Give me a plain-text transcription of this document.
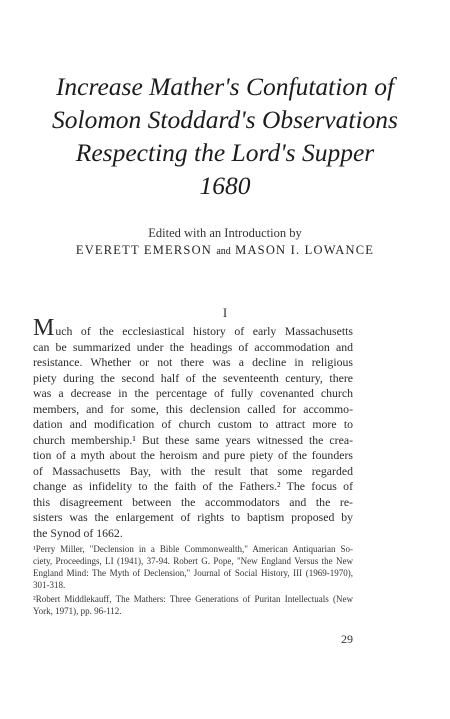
Increase Mather's Confutation of
Solomon Stoddard's Observations
Respecting the Lord's Supper
1680
Edited with an Introduction by
EVERETT EMERSON and MASON I. LOWANCE
I
Much of the ecclesiastical history of early Massachusetts
can be summarized under the headings of accommodation and
resistance. Whether or not there was a decline in religious
piety during the second half of the seventeenth century, there
was a decrease in the percentage of fully covenanted church
members, and for some, this declension called for accommo-
dation and modification of church custom to attract more to
church membership.¹ But these same years witnessed the crea-
tion of a myth about the heroism and pure piety of the founders
of Massachusetts Bay, with the result that some regarded
change as infidelity to the faith of the Fathers.² The focus of
this disagreement between the accommodators and the re-
sisters was the enlargement of rights to baptism proposed by
the Synod of 1662.
¹Perry Miller, "Declension in a Bible Commonwealth," American Antiquarian So-
ciety, Proceedings, LI (1941), 37-94. Robert G. Pope, "New England Versus the New
England Mind: The Myth of Declension," Journal of Social History, III (1969-1970),
301-318.
²Robert Middlekauff, The Mathers: Three Generations of Puritan Intellectuals (New
York, 1971), pp. 96-112.
29
